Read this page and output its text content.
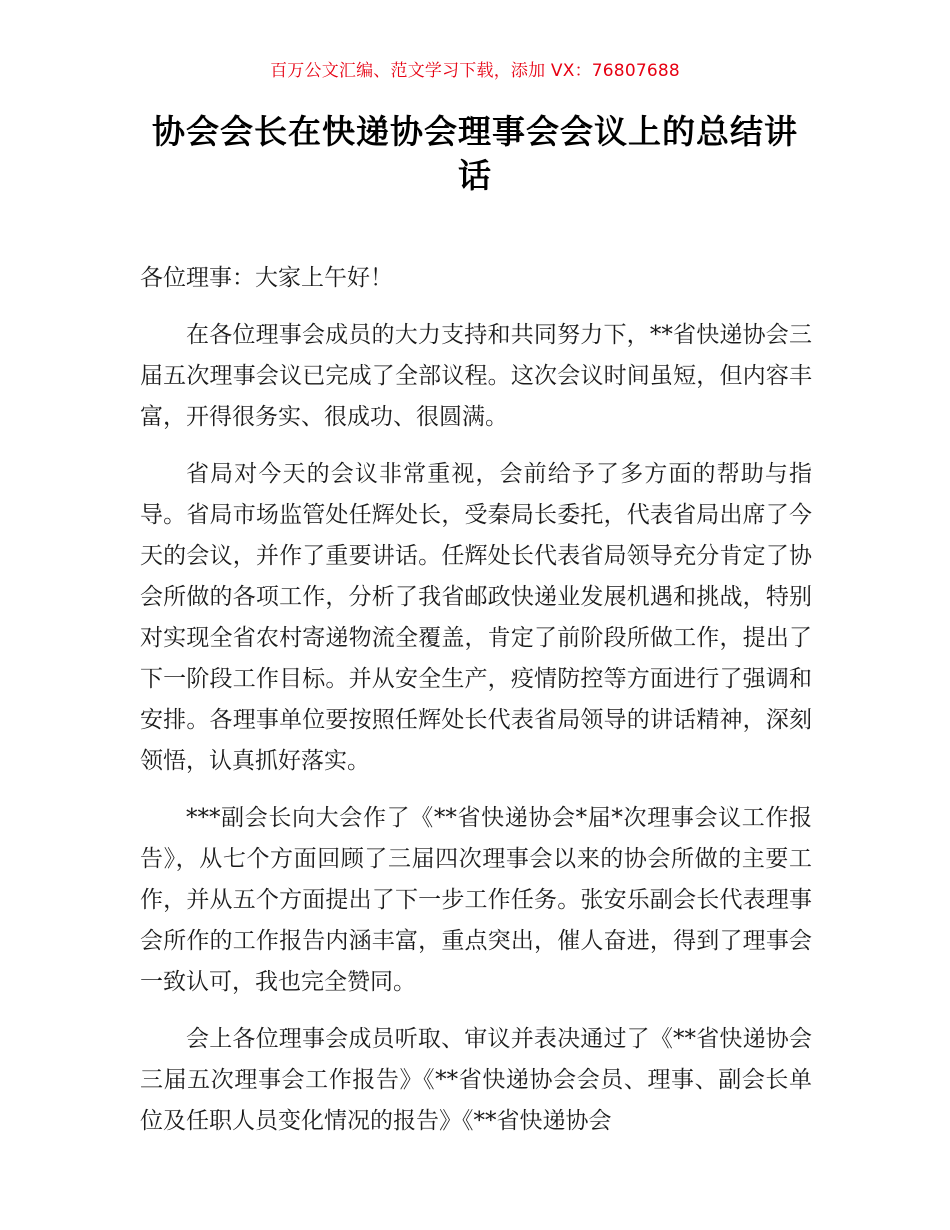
百万公文汇编、范文学习下载，添加 VX：76807688
协会会长在快递协会理事会会议上的总结讲话

各位理事：大家上午好！

在各位理事会成员的大力支持和共同努力下，**省快递协会三届五次理事会议已完成了全部议程。这次会议时间虽短，但内容丰富，开得很务实、很成功、很圆满。

省局对今天的会议非常重视，会前给予了多方面的帮助与指导。省局市场监管处任辉处长，受秦局长委托，代表省局出席了今天的会议，并作了重要讲话。任辉处长代表省局领导充分肯定了协会所做的各项工作，分析了我省邮政快递业发展机遇和挑战，特别对实现全省农村寄递物流全覆盖，肯定了前阶段所做工作，提出了下一阶段工作目标。并从安全生产，疫情防控等方面进行了强调和安排。各理事单位要按照任辉处长代表省局领导的讲话精神，深刻领悟，认真抓好落实。

***副会长向大会作了《**省快递协会*届*次理事会议工作报告》，从七个方面回顾了三届四次理事会以来的协会所做的主要工作，并从五个方面提出了下一步工作任务。张安乐副会长代表理事会所作的工作报告内涵丰富，重点突出，催人奋进，得到了理事会一致认可，我也完全赞同。

会上各位理事会成员听取、审议并表决通过了《**省快递协会三届五次理事会工作报告》《**省快递协会会员、理事、副会长单位及任职人员变化情况的报告》《**省快递协会
